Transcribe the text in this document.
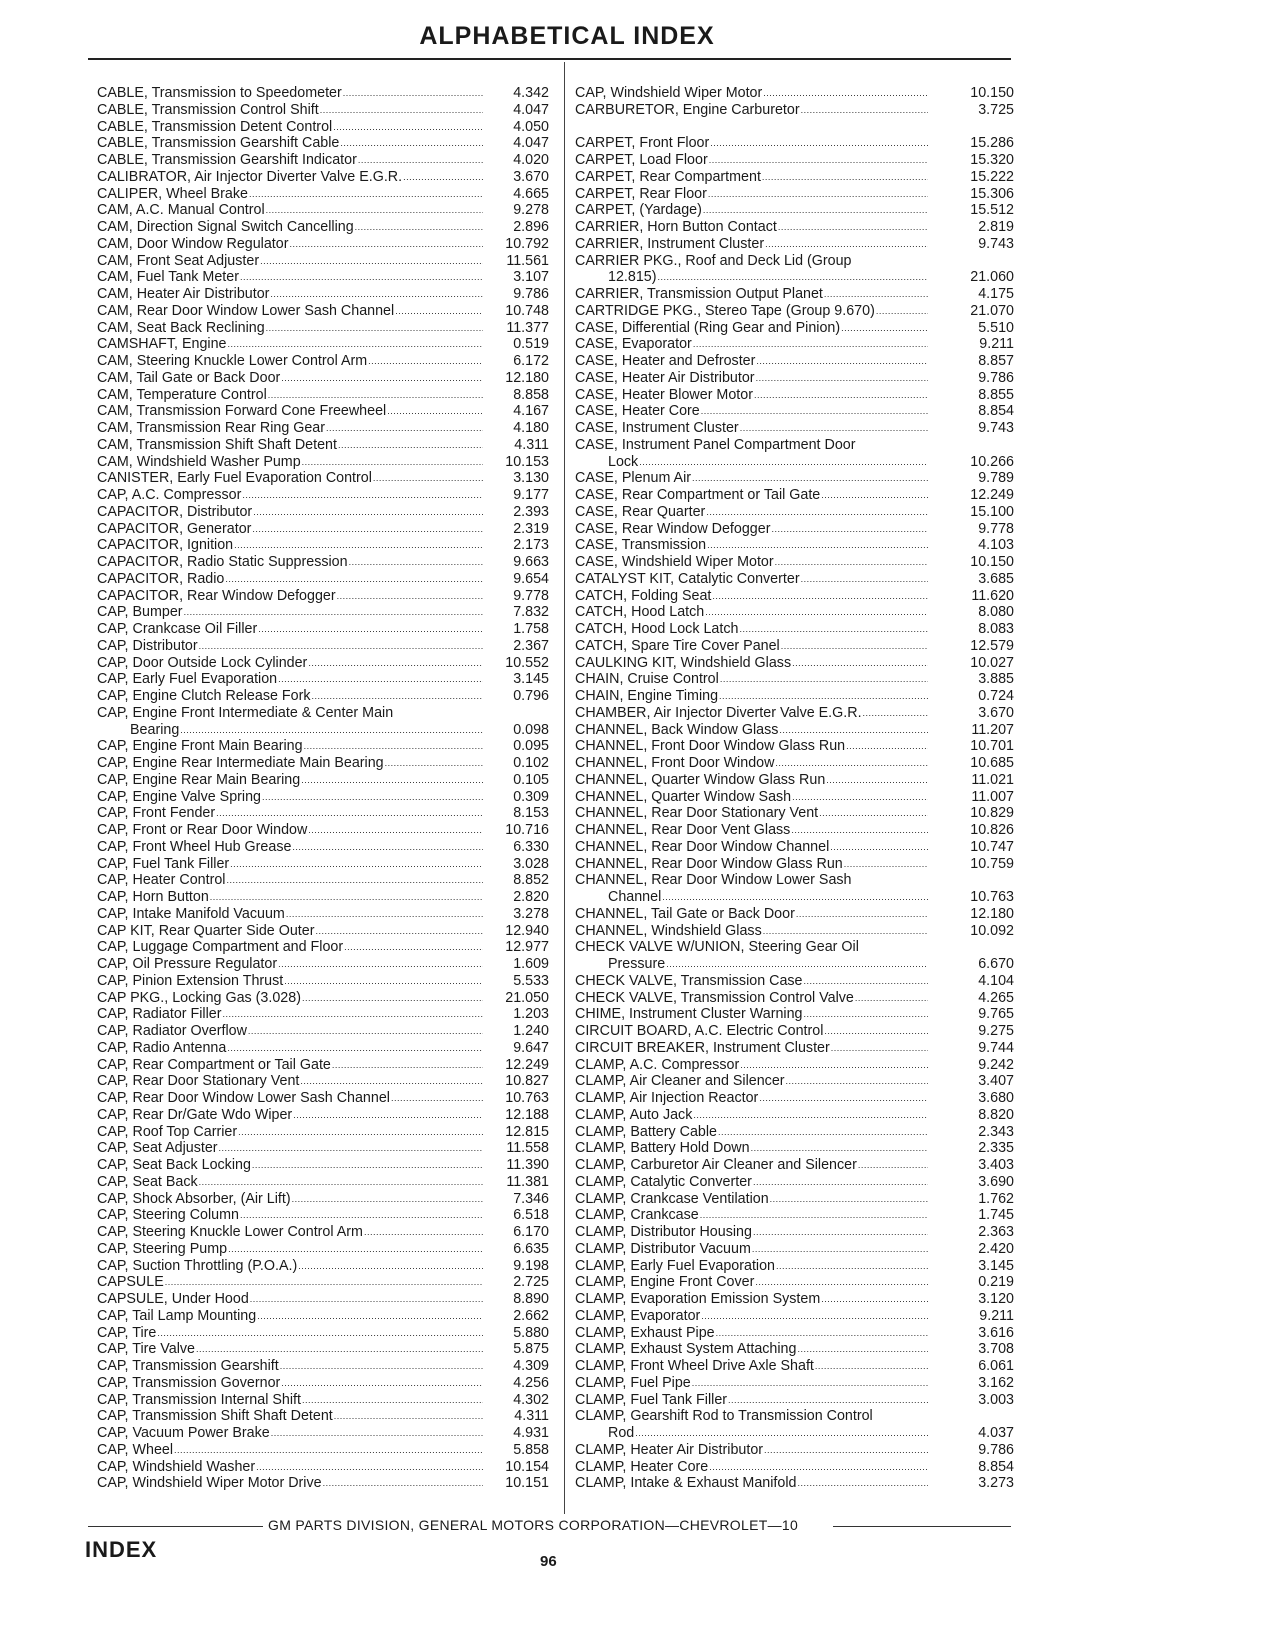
ALPHABETICAL INDEX
CABLE, Transmission to Speedometer .....	4.342
CABLE, Transmission Control Shift .....	4.047
CABLE, Transmission Detent Control .....	4.050
CABLE, Transmission Gearshift Cable .....	4.047
CABLE, Transmission Gearshift Indicator .....	4.020
CALIBRATOR, Air Injector Diverter Valve E.G.R. .....	3.670
CALIPER, Wheel Brake .....	4.665
CAM, A.C. Manual Control .....	9.278
CAM, Direction Signal Switch Cancelling .....	2.896
CAM, Door Window Regulator .....	10.792
CAM, Front Seat Adjuster .....	11.561
CAM, Fuel Tank Meter .....	3.107
CAM, Heater Air Distributor .....	9.786
CAM, Rear Door Window Lower Sash Channel .....	10.748
CAM, Seat Back Reclining .....	11.377
CAMSHAFT, Engine .....	0.519
CAM, Steering Knuckle Lower Control Arm .....	6.172
CAM, Tail Gate or Back Door .....	12.180
CAM, Temperature Control .....	8.858
CAM, Transmission Forward Cone Freewheel .....	4.167
CAM, Transmission Rear Ring Gear .....	4.180
CAM, Transmission Shift Shaft Detent .....	4.311
CAM, Windshield Washer Pump .....	10.153
CANISTER, Early Fuel Evaporation Control .....	3.130
CAP, A.C. Compressor .....	9.177
CAPACITOR, Distributor .....	2.393
CAPACITOR, Generator .....	2.319
CAPACITOR, Ignition .....	2.173
CAPACITOR, Radio Static Suppression .....	9.663
CAPACITOR, Radio .....	9.654
CAPACITOR, Rear Window Defogger .....	9.778
CAP, Bumper .....	7.832
CAP, Crankcase Oil Filler .....	1.758
CAP, Distributor .....	2.367
CAP, Door Outside Lock Cylinder .....	10.552
CAP, Early Fuel Evaporation .....	3.145
CAP, Engine Clutch Release Fork .....	0.796
CAP, Engine Front Intermediate & Center Main
Bearing .....	0.098
CAP, Engine Front Main Bearing .....	0.095
CAP, Engine Rear Intermediate Main Bearing .....	0.102
CAP, Engine Rear Main Bearing .....	0.105
CAP, Engine Valve Spring .....	0.309
CAP, Front Fender .....	8.153
CAP, Front or Rear Door Window .....	10.716
CAP, Front Wheel Hub Grease .....	6.330
CAP, Fuel Tank Filler .....	3.028
CAP, Heater Control .....	8.852
CAP, Horn Button .....	2.820
CAP, Intake Manifold Vacuum .....	3.278
CAP KIT, Rear Quarter Side Outer .....	12.940
CAP, Luggage Compartment and Floor .....	12.977
CAP, Oil Pressure Regulator .....	1.609
CAP, Pinion Extension Thrust .....	5.533
CAP PKG., Locking Gas (3.028) .....	21.050
CAP, Radiator Filler .....	1.203
CAP, Radiator Overflow .....	1.240
CAP, Radio Antenna .....	9.647
CAP, Rear Compartment or Tail Gate .....	12.249
CAP, Rear Door Stationary Vent .....	10.827
CAP, Rear Door Window Lower Sash Channel .....	10.763
CAP, Rear Dr/Gate Wdo Wiper .....	12.188
CAP, Roof Top Carrier .....	12.815
CAP, Seat Adjuster .....	11.558
CAP, Seat Back Locking .....	11.390
CAP, Seat Back .....	11.381
CAP, Shock Absorber, (Air Lift) .....	7.346
CAP, Steering Column .....	6.518
CAP, Steering Knuckle Lower Control Arm .....	6.170
CAP, Steering Pump .....	6.635
CAP, Suction Throttling (P.O.A.) .....	9.198
CAPSULE .....	2.725
CAPSULE, Under Hood .....	8.890
CAP, Tail Lamp Mounting .....	2.662
CAP, Tire .....	5.880
CAP, Tire Valve .....	5.875
CAP, Transmission Gearshift .....	4.309
CAP, Transmission Governor .....	4.256
CAP, Transmission Internal Shift .....	4.302
CAP, Transmission Shift Shaft Detent .....	4.311
CAP, Vacuum Power Brake .....	4.931
CAP, Wheel .....	5.858
CAP, Windshield Washer .....	10.154
CAP, Windshield Wiper Motor Drive .....	10.151
CAP, Windshield Wiper Motor .....	10.150
CARBURETOR, Engine Carburetor .....	3.725
CARPET, Front Floor .....	15.286
CARPET, Load Floor .....	15.320
CARPET, Rear Compartment .....	15.222
CARPET, Rear Floor .....	15.306
CARPET, (Yardage) .....	15.512
CARRIER, Horn Button Contact .....	2.819
CARRIER, Instrument Cluster .....	9.743
CARRIER PKG., Roof and Deck Lid (Group
12.815) .....	21.060
CARRIER, Transmission Output Planet .....	4.175
CARTRIDGE PKG., Stereo Tape (Group 9.670) .....	21.070
CASE, Differential (Ring Gear and Pinion) .....	5.510
CASE, Evaporator .....	9.211
CASE, Heater and Defroster .....	8.857
CASE, Heater Air Distributor .....	9.786
CASE, Heater Blower Motor .....	8.855
CASE, Heater Core .....	8.854
CASE, Instrument Cluster .....	9.743
CASE, Instrument Panel Compartment Door
Lock .....	10.266
CASE, Plenum Air .....	9.789
CASE, Rear Compartment or Tail Gate .....	12.249
CASE, Rear Quarter .....	15.100
CASE, Rear Window Defogger .....	9.778
CASE, Transmission .....	4.103
CASE, Windshield Wiper Motor .....	10.150
CATALYST KIT, Catalytic Converter .....	3.685
CATCH, Folding Seat .....	11.620
CATCH, Hood Latch .....	8.080
CATCH, Hood Lock Latch .....	8.083
CATCH, Spare Tire Cover Panel .....	12.579
CAULKING KIT, Windshield Glass .....	10.027
CHAIN, Cruise Control .....	3.885
CHAIN, Engine Timing .....	0.724
CHAMBER, Air Injector Diverter Valve E.G.R. .....	3.670
CHANNEL, Back Window Glass .....	11.207
CHANNEL, Front Door Window Glass Run .....	10.701
CHANNEL, Front Door Window .....	10.685
CHANNEL, Quarter Window Glass Run .....	11.021
CHANNEL, Quarter Window Sash .....	11.007
CHANNEL, Rear Door Stationary Vent .....	10.829
CHANNEL, Rear Door Vent Glass .....	10.826
CHANNEL, Rear Door Window Channel .....	10.747
CHANNEL, Rear Door Window Glass Run .....	10.759
CHANNEL, Rear Door Window Lower Sash
Channel .....	10.763
CHANNEL, Tail Gate or Back Door .....	12.180
CHANNEL, Windshield Glass .....	10.092
CHECK VALVE W/UNION, Steering Gear Oil
Pressure .....	6.670
CHECK VALVE, Transmission Case .....	4.104
CHECK VALVE, Transmission Control Valve .....	4.265
CHIME, Instrument Cluster Warning .....	9.765
CIRCUIT BOARD, A.C. Electric Control .....	9.275
CIRCUIT BREAKER, Instrument Cluster .....	9.744
CLAMP, A.C. Compressor .....	9.242
CLAMP, Air Cleaner and Silencer .....	3.407
CLAMP, Air Injection Reactor .....	3.680
CLAMP, Auto Jack .....	8.820
CLAMP, Battery Cable .....	2.343
CLAMP, Battery Hold Down .....	2.335
CLAMP, Carburetor Air Cleaner and Silencer .....	3.403
CLAMP, Catalytic Converter .....	3.690
CLAMP, Crankcase Ventilation .....	1.762
CLAMP, Crankcase .....	1.745
CLAMP, Distributor Housing .....	2.363
CLAMP, Distributor Vacuum .....	2.420
CLAMP, Early Fuel Evaporation .....	3.145
CLAMP, Engine Front Cover .....	0.219
CLAMP, Evaporation Emission System .....	3.120
CLAMP, Evaporator .....	9.211
CLAMP, Exhaust Pipe .....	3.616
CLAMP, Exhaust System Attaching .....	3.708
CLAMP, Front Wheel Drive Axle Shaft .....	6.061
CLAMP, Fuel Pipe .....	3.162
CLAMP, Fuel Tank Filler .....	3.003
CLAMP, Gearshift Rod to Transmission Control
Rod .....	4.037
CLAMP, Heater Air Distributor .....	9.786
CLAMP, Heater Core .....	8.854
CLAMP, Intake & Exhaust Manifold .....	3.273
GM PARTS DIVISION, GENERAL MOTORS CORPORATION—CHEVROLET—10
INDEX	96
